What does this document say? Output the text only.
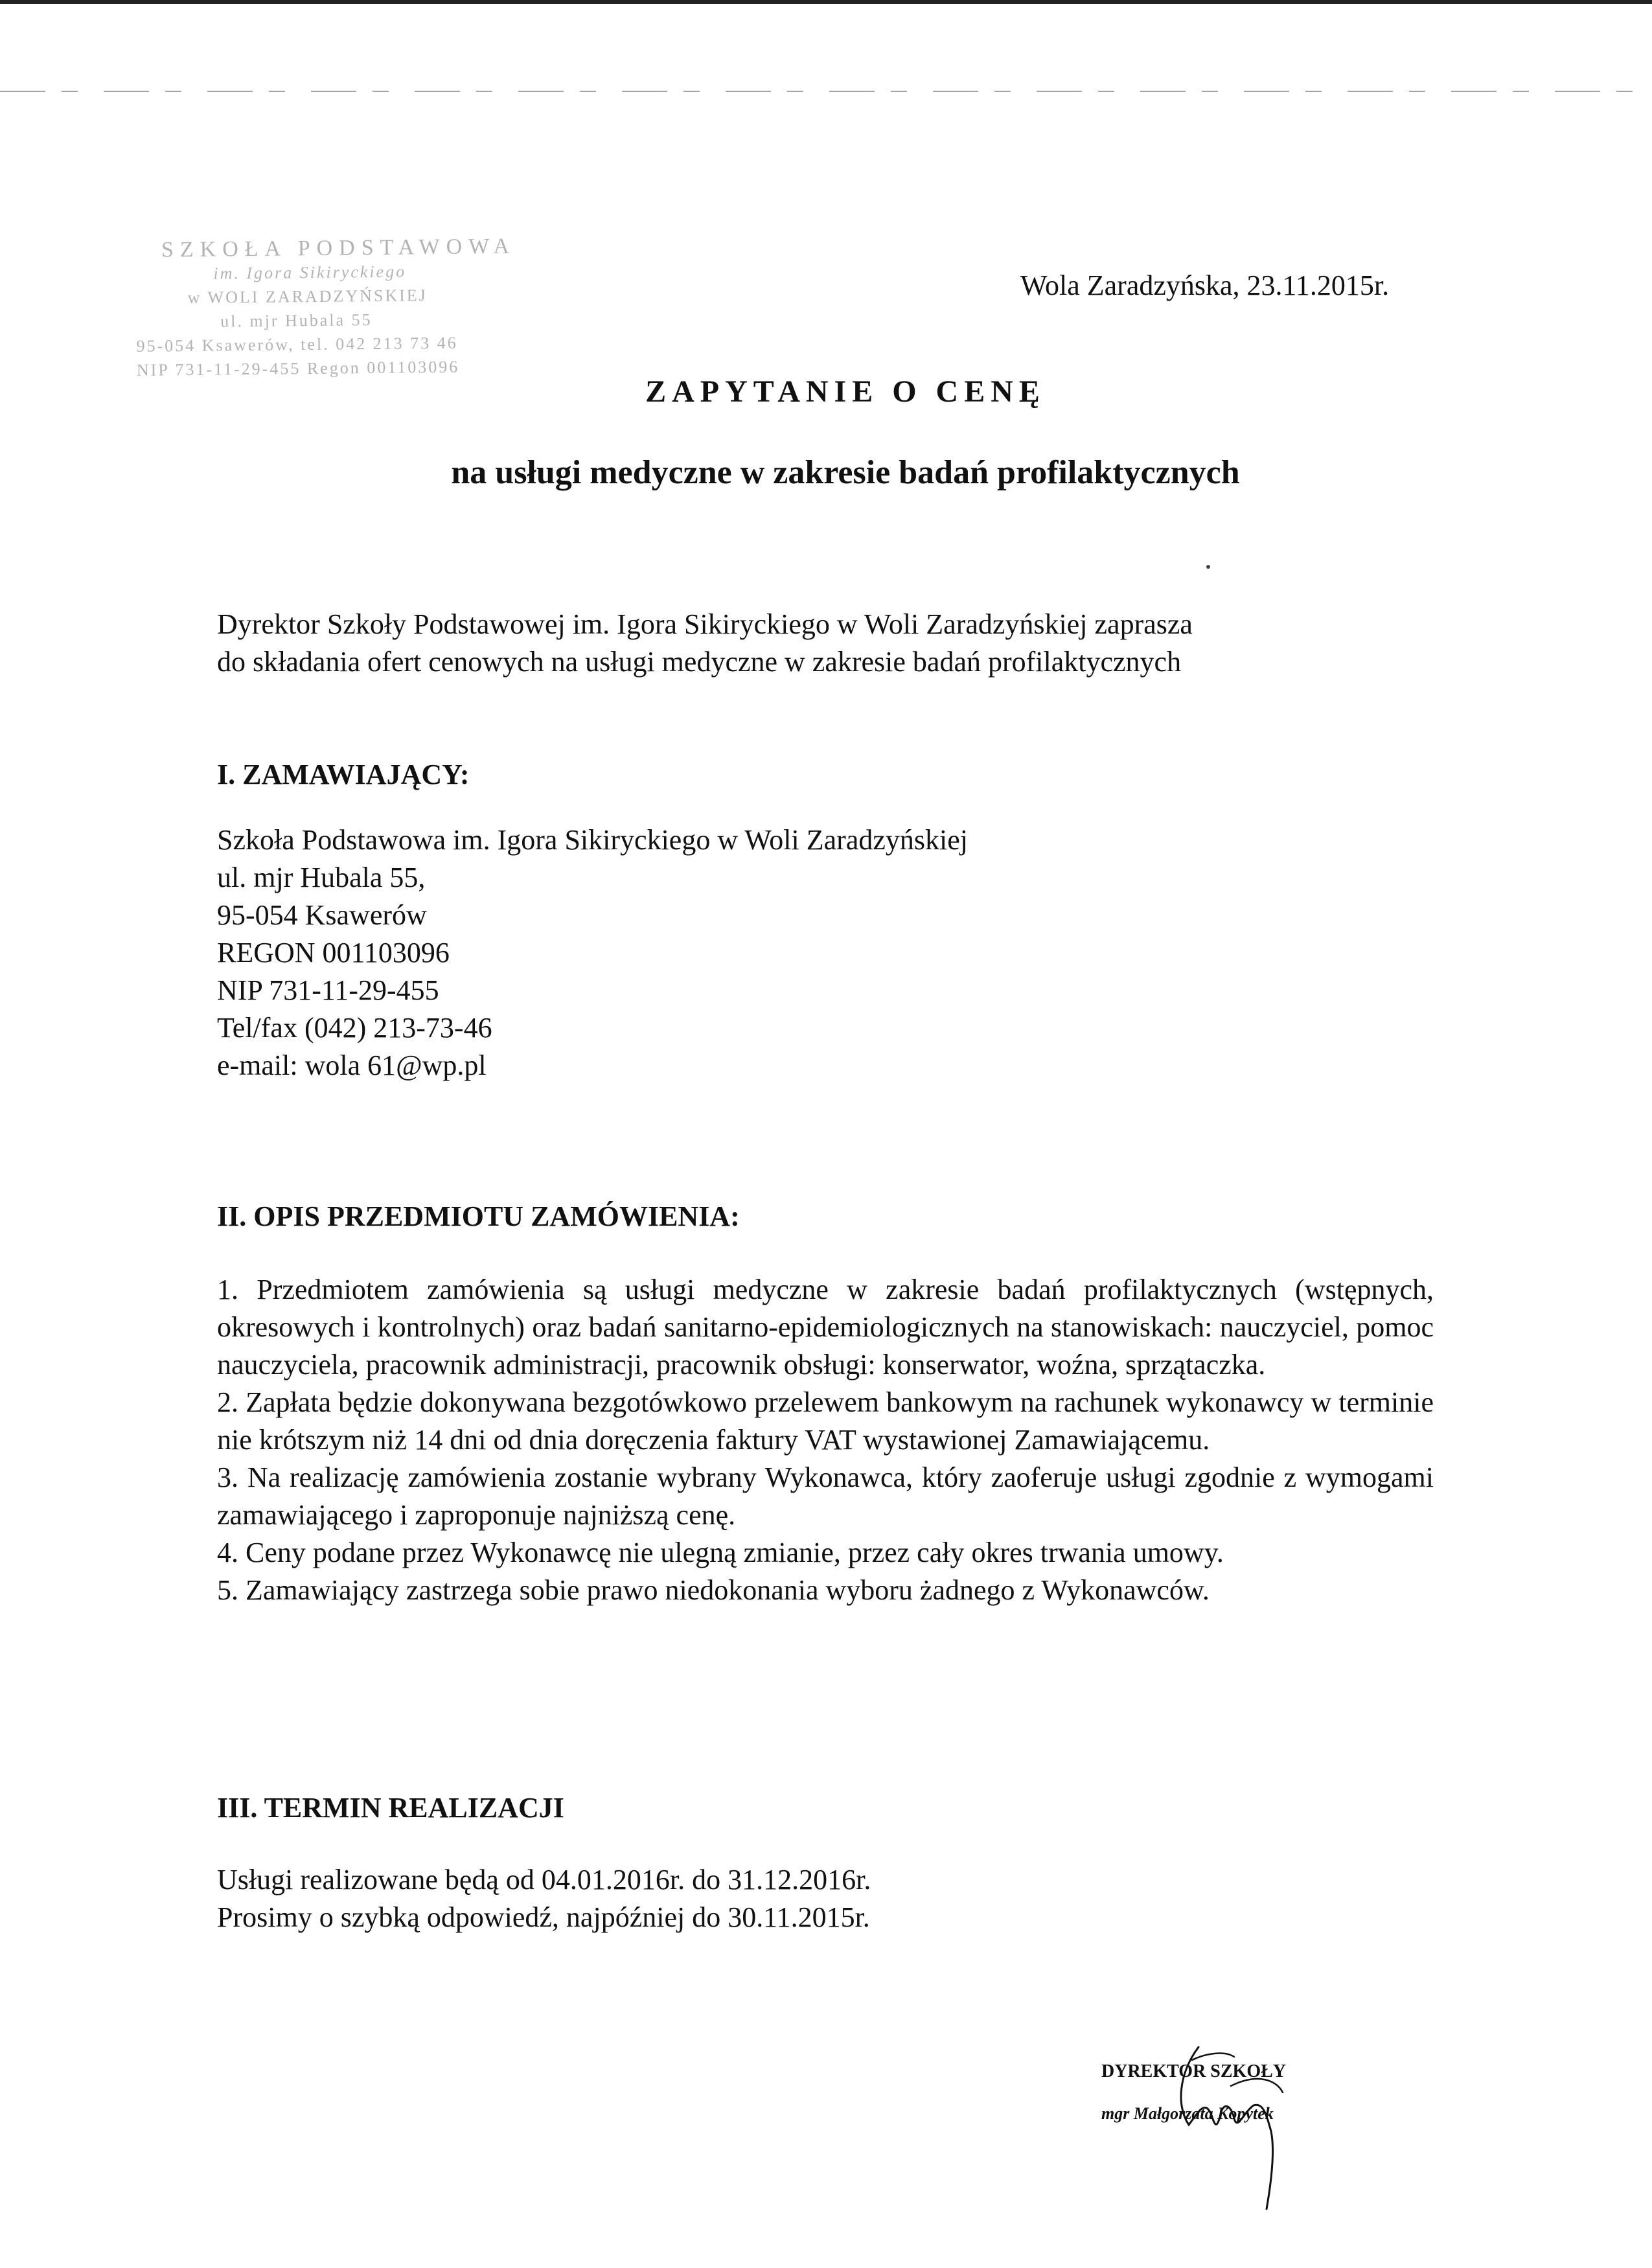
SZKOŁA PODSTAWOWA
im. Igora Sikiryckiego
w WOLI ZARADZYŃSKIEJ
ul. mjr Hubala 55
95-054 Ksawerów, tel. 042 213 73 46
NIP 731-11-29-455 Regon 001103096
Wola Zaradzyńska, 23.11.2015r.
ZAPYTANIE O CENĘ
na usługi medyczne w zakresie badań profilaktycznych
Dyrektor Szkoły Podstawowej im. Igora Sikiryckiego w Woli Zaradzyńskiej zaprasza
do składania ofert cenowych na usługi medyczne w zakresie badań profilaktycznych
I. ZAMAWIAJĄCY:
Szkoła Podstawowa im. Igora Sikiryckiego w Woli Zaradzyńskiej
ul. mjr Hubala 55,
95-054 Ksawerów
REGON 001103096
NIP 731-11-29-455
Tel/fax (042) 213-73-46
e-mail: wola 61@wp.pl
II. OPIS PRZEDMIOTU ZAMÓWIENIA:
1. Przedmiotem zamówienia są usługi medyczne w zakresie badań profilaktycznych (wstępnych, okresowych i kontrolnych) oraz badań sanitarno-epidemiologicznych na stanowiskach: nauczyciel, pomoc nauczyciela, pracownik administracji, pracownik obsługi: konserwator, woźna, sprzątaczka.
2. Zapłata będzie dokonywana bezgotówkowo przelewem bankowym na rachunek wykonawcy w terminie nie krótszym niż 14 dni od dnia doręczenia faktury VAT wystawionej Zamawiającemu.
3. Na realizację zamówienia zostanie wybrany Wykonawca, który zaoferuje usługi zgodnie z wymogami zamawiającego i zaproponuje najniższą cenę.
4. Ceny podane przez Wykonawcę nie ulegną zmianie, przez cały okres trwania umowy.
5. Zamawiający zastrzega sobie prawo niedokonania wyboru żadnego z Wykonawców.
III. TERMIN REALIZACJI
Usługi realizowane będą od 04.01.2016r. do 31.12.2016r.
Prosimy o szybką odpowiedź, najpóźniej do 30.11.2015r.
DYREKTOR SZKOŁY
mgr Małgorzata Kopytek
